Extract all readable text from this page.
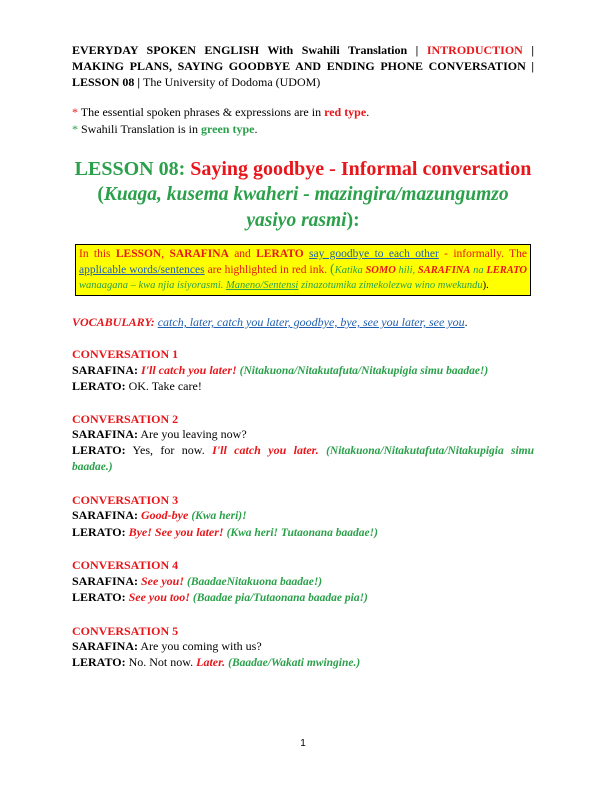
EVERYDAY SPOKEN ENGLISH With Swahili Translation | INTRODUCTION | MAKING PLANS, SAYING GOODBYE AND ENDING PHONE CONVERSATION | LESSON 08 | The University of Dodoma (UDOM)
* The essential spoken phrases & expressions are in red type.
* Swahili Translation is in green type.
LESSON 08: Saying goodbye - Informal conversation
(Kuaga, kusema kwaheri - mazingira/mazungumzo
yasiyo rasmi):
In this LESSON, SARAFINA and LERATO say goodbye to each other - informally. The applicable words/sentences are highlighted in red ink. (Katika SOMO hili, SARAFINA na LERATO wanaagana – kwa njia isiyorasmi. Maneno/Sentensi zinazotumika zimekolezwa wino mwekundu).
VOCABULARY: catch, later, catch you later, goodbye, bye, see you later, see you.
CONVERSATION 1
SARAFINA: I'll catch you later! (Nitakuona/Nitakutafuta/Nitakupigia simu baadae!)
LERATO: OK. Take care!
CONVERSATION 2
SARAFINA: Are you leaving now?
LERATO: Yes, for now. I'll catch you later. (Nitakuona/Nitakutafuta/Nitakupigia simu baadae.)
CONVERSATION 3
SARAFINA: Good-bye (Kwa heri)!
LERATO: Bye! See you later! (Kwa heri! Tutaonana baadae!)
CONVERSATION 4
SARAFINA: See you! (BaadaeNitakuona baadae!)
LERATO: See you too! (Baadae pia/Tutaonana baadae pia!)
CONVERSATION 5
SARAFINA: Are you coming with us?
LERATO: No. Not now. Later. (Baadae/Wakati mwingine.)
1
